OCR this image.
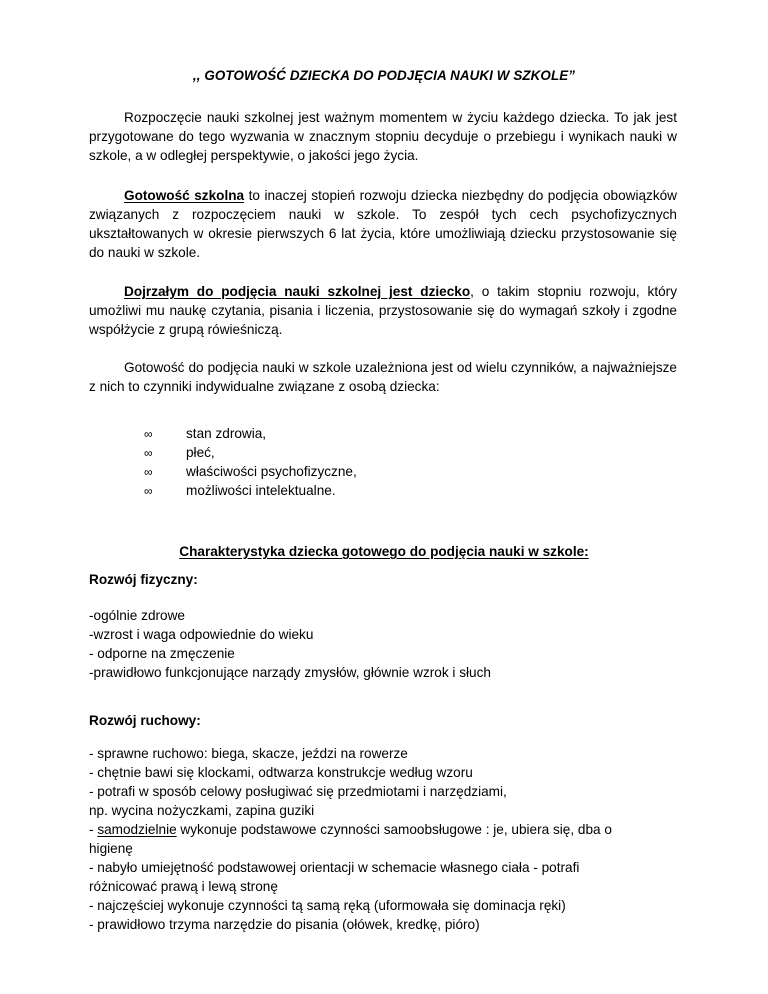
,, GOTOWOŚĆ DZIECKA DO PODJĘCIA NAUKI W SZKOLE”

Rozpoczęcie nauki szkolnej jest ważnym momentem w życiu każdego dziecka. To jak jest przygotowane do tego wyzwania w znacznym stopniu decyduje o przebiegu i wynikach nauki w szkole, a w odległej perspektywie, o jakości jego życia.

Gotowość szkolna to inaczej stopień rozwoju dziecka niezbędny do podjęcia obowiązków związanych z rozpoczęciem nauki w szkole. To zespół tych cech psychofizycznych ukształtowanych w okresie pierwszych 6 lat życia, które umożliwiają dziecku przystosowanie się do nauki w szkole.

Dojrzałym do podjęcia nauki szkolnej jest dziecko, o takim stopniu rozwoju, który umożliwi mu naukę czytania, pisania i liczenia, przystosowanie się do wymagań szkoły i zgodne współżycie z grupą rówieśniczą.

Gotowość do podjęcia nauki w szkole uzależniona jest od wielu czynników, a najważniejsze z nich to czynniki indywidualne związane z osobą dziecka:

∞	stan zdrowia,
∞	płeć,
∞	właściwości psychofizyczne,
∞	możliwości intelektualne.
Charakterystyka dziecka gotowego do podjęcia nauki w szkole:
Rozwój fizyczny:
-ogólnie zdrowe
-wzrost i waga odpowiednie do wieku
- odporne na zmęczenie
-prawidłowo funkcjonujące narządy zmysłów, głównie wzrok i słuch
Rozwój ruchowy:
- sprawne ruchowo: biega, skacze, jeździ na rowerze
- chętnie bawi się klockami, odtwarza konstrukcje według wzoru
- potrafi w sposób celowy posługiwać się przedmiotami i narzędziami,
np. wycina nożyczkami, zapina guziki
- samodzielnie wykonuje podstawowe czynności samoobsługowe : je, ubiera się, dba o
higienę
- nabyło umiejętność podstawowej orientacji w schemacie własnego ciała - potrafi
różnicować prawą i lewą stronę
- najczęściej wykonuje czynności tą samą ręką (uformowała się dominacja ręki)
- prawidłowo trzyma narzędzie do pisania (ołówek, kredkę, pióro)
